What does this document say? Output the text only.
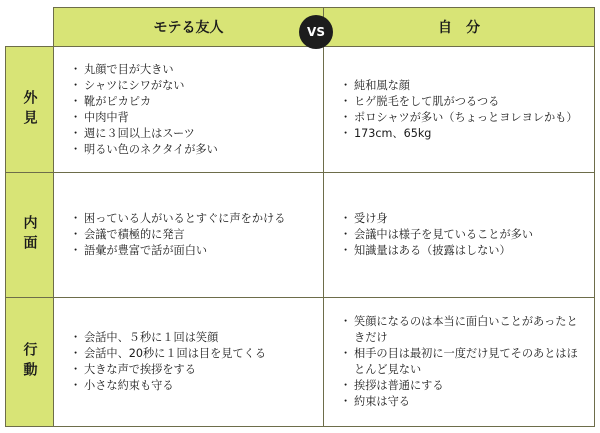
モテる友人	自　分
VS
外見
・ 丸顔で目が大きい
・ シャツにシワがない
・ 靴がピカピカ
・ 中肉中背
・ 週に３回以上はスーツ
・ 明るい色のネクタイが多い
・ 純和風な顔
・ ヒゲ脱毛をして肌がつるつる
・ ポロシャツが多い（ちょっとヨレヨレかも）
・ 173cm、65kg
内面
・	困っている人がいるとすぐに声をかける
・ 会議で積極的に発言
・ 語彙が豊富で話が面白い
・ 受け身
・ 会議中は様子を見ていることが多い
・ 知識量はある（披露はしない）
行動
・ 会話中、５秒に１回は笑顔
・ 会話中、20秒に１回は目を見てくる
・ 大きな声で挨拶をする
・ 小さな約束も守る
・ 笑顔になるのは本当に面白いことがあったときだけ
・ 相手の目は最初に一度だけ見てそのあとはほとんど見ない
・ 挨拶は普通にする
・ 約束は守る
